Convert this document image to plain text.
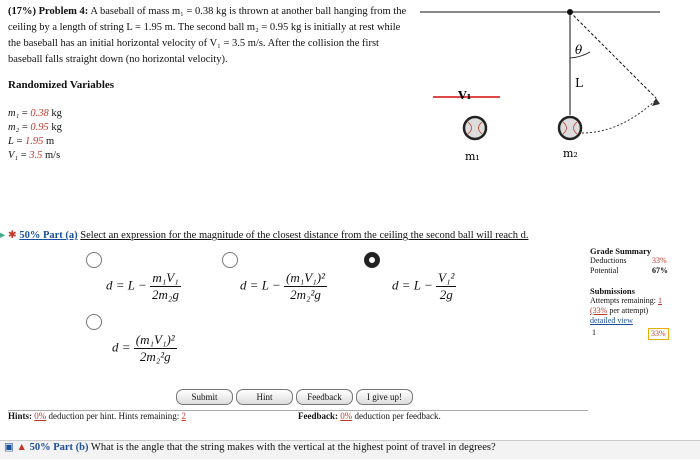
(17%) Problem 4: A baseball of mass m₁ = 0.38 kg is thrown at another ball hanging from the ceiling by a length of string L = 1.95 m. The second ball m₂ = 0.95 kg is initially at rest while the baseball has an initial horizontal velocity of V₁ = 3.5 m/s. After the collision the first baseball falls straight down (no horizontal velocity).
Randomized Variables
m₁ = 0.38 kg
m₂ = 0.95 kg
L = 1.95 m
V₁ = 3.5 m/s
θ
L
V₁
m₁	m₂
▸ ✱ 50% Part (a) Select an expression for the magnitude of the closest distance from the ceiling the second ball will reach d.
$d = L - \frac{\text{m₁V₁}}{\text{2m₂g}}$	$d = L - \frac{\text{(m₁V₁)²}}{\text{2m₂²g}}$	$d = L - \frac{\text{V₁²}}{2g}$
$d = \frac{\text{(m₁V₁)²}}{\text{2m₂²g}}$
Submit	Hint	Feedback	I give up!
Hints: 0% deduction per hint. Hints remaining: 2	Feedback: 0% deduction per feedback.
Grade Summary
Deductions	33%
Potential	67%
Submissions
Attempts remaining: 1
(33% per attempt)
detailed view
1	33%
▣ ▲ 50% Part (b) What is the angle that the string makes with the vertical at the highest point of travel in degrees?
